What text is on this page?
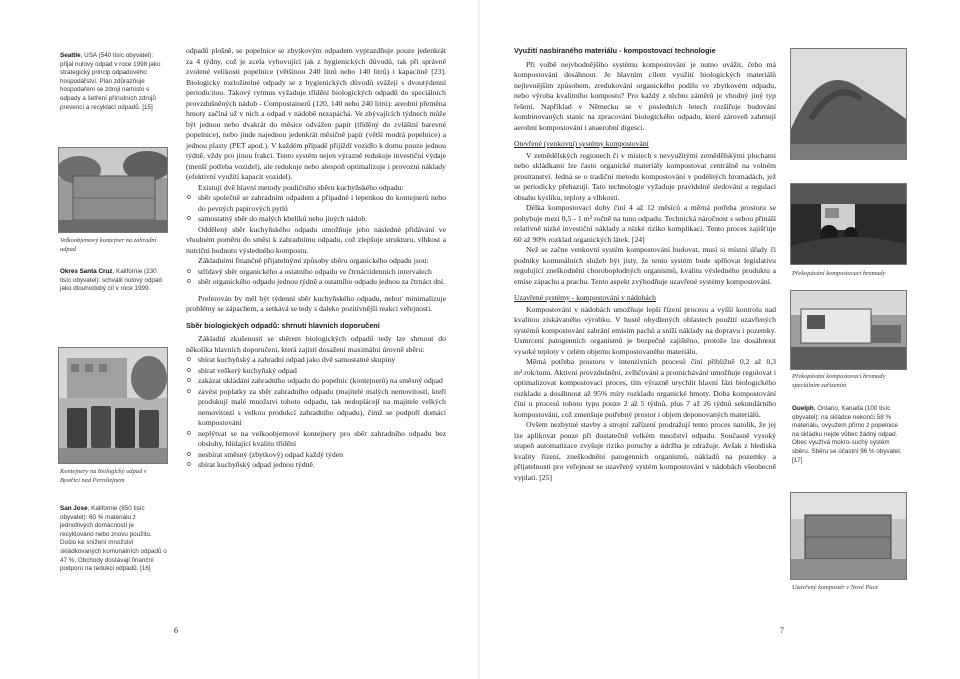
Seattle, USA (540 tisíc obyvatel): přijal nulový odpad v roce 1998 jako strategický princip odpadového hospodářství. Plán zdůrazňuje hospodaření se zdroji namísto s odpady a šetření přírodních zdrojů prevencí a recyklací odpadů. [15]
Velkoobjemový kontejner na zahradní odpad
Okres Santa Cruz, Kalifornie (230 tisíc obyvatel): schválil nulový odpad jako dlouhodobý cíl v roce 1999.
Kontejnery na biologický odpad v Bystřici nad Pernštejnem
San Jose, Kalifornie (850 tisíc obyvatel): 60 % materiálu z jednotlivých domácností je recyklováno nebo znovu použito. Došlo ke snížení množství skládkovaných komunálních odpadů o 47 %. Obchody dostávají finanční podporu na redukci odpadů. [16]

odpadů plošně, se popelnice se zbytkovým odpadem vyprazdňuje pouze jedenkrát za 4 týdny, což je zcela vyhovující jak z hygienických důvodů, tak při správně zvolené velikosti popelnice (většinou 240 litrů nebo 140 litrů) i kapacitně [23]. Biologicky rozložitelné odpady se z hygienických důvodů svážejí s dvoutýdenní periodicitou. Takový rytmus vyžaduje třídění biologických odpadů do speciálních provzdušněných nádob - Compostainerů (120, 140 nebo 240 litrů): areobní přeměna hmoty začíná už v nich a odpad v nádobě nezapáchá. Ve zbývajících týdnech může být jednou nebo dvakrát do měsíce odvážen papír (tříděný do zvláštní barevné popelnice), nebo jinde najednou jedenkrát měsíčně papír (větší modrá popelnice) a jednou plasty (PET apod.). V každém případě přijíždí vozidlo k domu pouze jednou týdně, vždy pro jinou frakci. Tento systém nejen výrazně redukuje investiční výdaje (menší potřeba vozidel), ale redukuje nebo alespoň optimalizuje i provozní náklady (efektivní využití kapacit vozidel).

Existují dvě hlavní metody pouličního sběru kuchyňského odpadu:

o sběr společně se zahradním odpadem a připadně i lepenkou do kontejnerů nebo do pevných papírových pytlů
o samostatný sběr do malých kbelíků nebo jiných nádob.

Oddělený sběr kuchyňského odpadu umožňuje jeho následné přidávání ve vhodném poměru do směsi k zahradnímu odpadu, což zlepšuje strukturu, vlhkost a nutriční hodnotu výsledného kompostu.

Základními finančně přijatelnými způsoby sběru organického odpadu jsou:

o střídavý sběr organického a ostatního odpadu ve čtrnáctidenních intervalech
o sběr organického odpadu jednou týdně a ostatního odpadu jednou za čtrnáct dní.

Preferován by měl být týdenní sběr kuchyňského odpadu, neboť minimalizuje problémy se zápachem, a setkává se tedy s daleko pozitivnější reakcí veřejnosti.

Sběr biologických odpadů: shrnutí hlavních doporučení

Základní zkušenosti se sběrem biologických odpadů tedy lze shrnout do několika hlavních doporučení, která zajistí dosažení maximální úrovně sběru:

o sbírat kuchyňský a zahradní odpad jako dvě samostatné skupiny
o sbírat veškerý kuchyňský odpad
o zakázat ukládání zahradního odpadu do popelnic (kontejnerů) na směsný odpad
o zavést poplatky za sběr zahradního odpadu (majitelé malých nemovitostí, kteří produkují malé množství tohoto odpadu, tak nedoplácejí na majitele velkých nemovitostí s velkou produkcí zahradního odpadu), čímž se podpoří domácí kompostování
o neplýtvat se na velkoobjemové kontejnery pro sběr zahradního odpadu bez obsluhy, hlídající kvalitu třídění
o nesbírat směsný (zbytkový) odpad každý týden
o sbírat kuchyňský odpad jednou týdně.
6
Využití nasbíraného materiálu - kompostovací technologie

Při volbě nejvhodnějšího systému kompostování je nutno uvážit, čeho má kompostování dosáhnout. Je hlavním cílem využití biologických materiálů nejlevnějším způsobem, zredukování organického podílu ve zbytkovém odpadu, nebo výroba kvalitního kompostu? Pro každý z těchto záměrů je vhodný jiný typ řešení. Například v Německu se v posledních letech rozšiřuje budování kombinovaných stanic na zpracování biologického odpadu, které zároveň zahrnují aerobní kompostování i anaerobní digesci.

Otevřené (venkovní) systémy kompostování

V zemědělských regionech či v místech s nevyužitými zemědělskými plochami nebo skládkami lze často organické materiály kompostovat centrálně na volném prostranství. Jedná se o tradiční metodu kompostování v podélných hromadách, jež se periodicky přehazují. Tato technologie vyžaduje pravidelné sledování a regulaci obsahu kyslíku, teploty a vlhkosti.

Délka kompostovací doby činí 4 až 12 měsíců a měrná potřeba prostoru se pohybuje mezi 0,5 - 1 m² ročně na tunu odpadu. Technická náročnost s sebou přináší relativně nízké investiční náklady a nízké riziko komplikací. Tento proces zajišťuje 60 až 90% rozklad organických látek. [24]

Než se začne venkovní systém kompostování budovat, musí si místní úřady či podniky komunálních služeb být jisty, že tento systém bude splňovat legislativu regulující zneškodnění choroboplodných organismů, kvalitu výsledného produktu a emise zápachu a prachu. Tento aspekt zvýhodňuje uzavřené systémy kompostování.

Uzavřené systémy - kompostování v nádobách

Kompostování v nádobách umožňuje lepší řízení procesu a vyšší kontrolu nad kvalitou získávaného výrobku. V hustě obydlených oblastech použití uzavřených systémů kompostování zabrání emisím pachů a sníží náklady na dopravu i pozemky. Usmrcení patogenních organismů je bezpečně zajištěno, protože lze dosáhnout vysoké teploty v celém objemu kompostovaného materiálu.

Měrná potřeba prostoru v intenzivních procesů činí přibližně 0,2 až 0,3 m².rok/tunu. Aktivní provzdušnění, zvlhčování a promíchávání umožňuje regulovat i optimalizovat kompostovací proces, tím výrazně urychlit hlavní fázi biologického rozkladu a dosáhnout až 95% míry rozkladu organické hmoty. Doba kompostování činí u procesů tohoto typu pouze 2 až 5 týdnů, plus 7 až 26 týdnů sekundárního kompostování, což zmenšuje potřebný prostor i objem deponovaných materiálů.

Ovšem nezbytné stavby a strojní zařízení prodražují tento proces natolik, že jej lze aplikovat pouze při dostatečně velkém množství odpadu. Současně vysoký stupeň automatizace zvyšuje riziko poruchy a údržba je zdražuje. Avšak z hlediska kvality řízení, zneškodnění patogenních organismů, nákladů na pozemky a přijatelnosti pro veřejnost se uzavřený systém kompostování v nádobách všeobecně vyplatí. [25]

Překopávání kompostovací hromady
Překopávání kompostovací hromady speciálním zařízením
Guelph, Ontario, Kanada (100 tisíc obyvatel): na skládce nekončí 58 % materiálu, ovyužem přímo z popelnice na skládku nejde vůbec žádný odpad. Obec využívá mokro-suchý systém sběru. Sběru se účastní 96 % obyvatel. [17]
Uzavřený kompostér v Nové Pace
7
